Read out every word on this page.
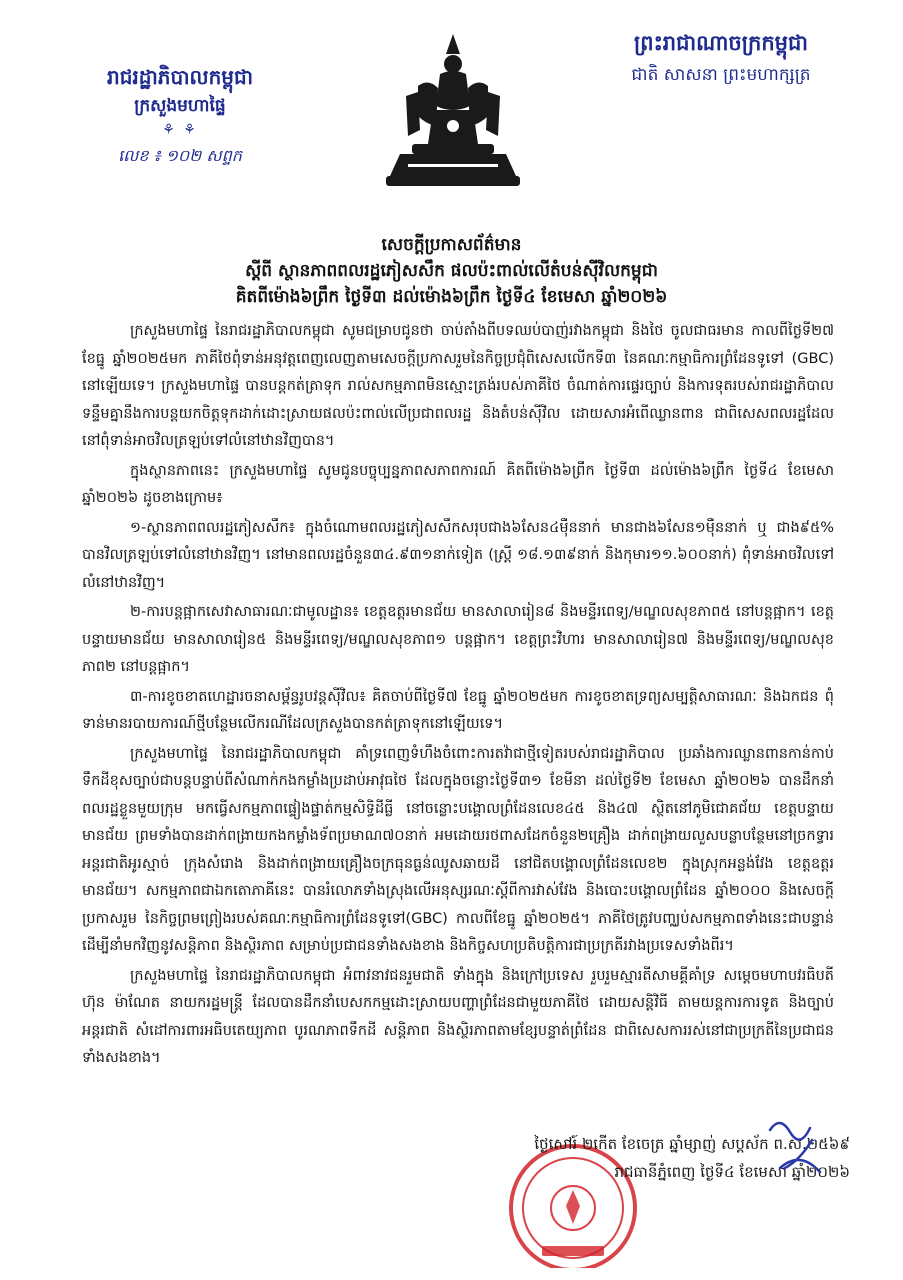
រាជរដ្ឋាភិបាលកម្ពុជា
ក្រសួងមហាផ្ទៃ
⚘ ⚘
លេខ ៖ ១០២ សព្ទក
ព្រះរាជាណាចក្រកម្ពុជា
ជាតិ សាសនា ព្រះមហាក្សត្រ
សេចក្តីប្រកាសព័ត៌មាន
ស្តីពី ស្ថានភាពពលរដ្ឋភៀសសឹក ផលប៉ះពាល់លើតំបន់ស៊ីវិលកម្ពុជា
គិតពីម៉ោង៦ព្រឹក ថ្ងៃទី៣ ដល់ម៉ោង៦ព្រឹក ថ្ងៃទី៤ ខែមេសា ឆ្នាំ២០២៦

ក្រសួងមហាផ្ទៃ នៃរាជរដ្ឋាភិបាលកម្ពុជា សូមជម្រាបជូនថា ចាប់តាំងពីបទឈប់បាញ់រវាងកម្ពុជា និងថៃ ចូលជាធរមាន កាលពីថ្ងៃទី២៧ ខែធ្នូ ឆ្នាំ២០២៥មក ភាគីថៃពុំទាន់អនុវត្តពេញលេញតាមសេចក្តីប្រកាសរួមនៃកិច្ចប្រជុំពិសេសលើកទី៣ នៃគណៈកម្មាធិការព្រំដែនទូទៅ (GBC) នៅឡើយទេ។ ក្រសួងមហាផ្ទៃ បានបន្តកត់ត្រាទុក រាល់សកម្មភាពមិនស្មោះត្រង់របស់ភាគីថៃ ចំណាត់ការផ្ទេរច្បាប់ និងការទុតរបស់រាជរដ្ឋាភិបាល ទន្ទឹមគ្នានឹងការបន្តយកចិត្តទុកដាក់ដោះស្រាយផលប៉ះពាល់លើប្រជាពលរដ្ឋ និងតំបន់ស៊ីវិល ដោយសារអំពើឈ្លានពាន ជាពិសេសពលរដ្ឋដែលនៅពុំទាន់អាចវិលត្រឡប់ទៅលំនៅឋានវិញបាន។

ក្នុងស្ថានភាពនេះ ក្រសួងមហាផ្ទៃ សូមជូនបច្ចុប្បន្នភាពសភាពការណ៍ គិតពីម៉ោង៦ព្រឹក ថ្ងៃទី៣ ដល់ម៉ោង៦ព្រឹក ថ្ងៃទី៤ ខែមេសា ឆ្នាំ២០២៦ ដូចខាងក្រោម៖

១-ស្ថានភាពពលរដ្ឋភៀសសឹក៖ ក្នុងចំណោមពលរដ្ឋភៀសសឹកសរុបជាង៦សែន៤ម៉ឺននាក់ មានជាង៦សែន១ម៉ឺននាក់ ឬ ជាង៩៥% បានវិលត្រឡប់ទៅលំនៅឋានវិញ។ នៅមានពលរដ្ឋចំនួន៣៤.៩៣១នាក់ទៀត (ស្ត្រី ១៨.១៣៩នាក់ និងកុមារ១១.៦០០នាក់) ពុំទាន់អាចវិលទៅលំនៅឋានវិញ។

២-ការបន្តផ្អាកសេវាសាធារណៈជាមូលដ្ឋាន៖ ខេត្តឧត្តរមានជ័យ មានសាលារៀន៨ និងមន្ទីរពេទ្យ/មណ្ឌលសុខភាព៥ នៅបន្តផ្អាក។ ខេត្តបន្ទាយមានជ័យ មានសាលារៀន៥ និងមន្ទីរពេទ្យ/មណ្ឌលសុខភាព១ បន្តផ្អាក។ ខេត្តព្រះវិហារ មានសាលារៀន៧ និងមន្ទីរពេទ្យ/មណ្ឌលសុខភាព២ នៅបន្តផ្អាក។

៣-ការខូចខាតហេដ្ឋារចនាសម្ព័ន្ធរូបវន្តស៊ីវិល៖ គិតចាប់ពីថ្ងៃទី៧ ខែធ្នូ ឆ្នាំ២០២៥មក ការខូចខាតទ្រព្យសម្បត្តិសាធារណៈ និងឯកជន ពុំទាន់មានរបាយការណ៍ថ្មីបន្ថែមលើករណីដែលក្រសួងបានកត់ត្រាទុកនៅឡើយទេ។

ក្រសួងមហាផ្ទៃ នៃរាជរដ្ឋាភិបាលកម្ពុជា គាំទ្រពេញទំហឹងចំពោះការតវ៉ាជាថ្មីទៀតរបស់រាជរដ្ឋាភិបាល ប្រឆាំងការឈ្លានពានកាន់កាប់ទឹកដីខុសច្បាប់ជាបន្តបន្ទាប់ពីសំណាក់កងកម្លាំងប្រដាប់អាវុធថៃ ដែលក្នុងចន្លោះថ្ងៃទី៣១ ខែមីនា ដល់ថ្ងៃទី២ ខែមេសា ឆ្នាំ២០២៦ បានដឹកនាំពលរដ្ឋខ្លួនមួយក្រុម មកធ្វើសកម្មភាពផ្ទៀងផ្ទាត់កម្មសិទ្ធិដីធ្លី នៅចន្លោះបង្គោលព្រំដែនលេខ៤៥ និង៤៧ ស្ថិតនៅភូមិជោគជ័យ ខេត្តបន្ទាយមានជ័យ ព្រមទាំងបានដាក់ពង្រាយកងកម្លាំងទ័ពប្រមាណ៧០នាក់ អមដោយរថពាសដែកចំនួន២គ្រឿង ដាក់ពង្រាយលួសបន្លាបន្ថែមនៅច្រកទ្វារអន្តរជាតិអូរស្មាច់ ក្រុងសំរោង និងដាក់ពង្រាយគ្រឿងចក្រធុនធ្ងន់ឈូសឆាយដី នៅជិតបង្គោលព្រំដែនលេខ២ ក្នុងស្រុកអន្លង់វែង ខេត្តឧត្តរមានជ័យ។ សកម្មភាពជាឯកតោភាគីនេះ បានរំលោភទាំងស្រុងលើអនុស្សរណៈស្តីពីការវាស់វែង និងបោះបង្គោលព្រំដែន ឆ្នាំ២០០០ និងសេចក្តីប្រកាសរួម នៃកិច្ចព្រមព្រៀងរបស់គណៈកម្មាធិការព្រំដែនទូទៅ(GBC) កាលពីខែធ្នូ ឆ្នាំ២០២៥។ ភាគីថៃត្រូវបញ្ឈប់សកម្មភាពទាំងនេះជាបន្ទាន់ ដើម្បីនាំមកវិញនូវសន្តិភាព និងស្ថិរភាព សម្រាប់ប្រជាជនទាំងសងខាង និងកិច្ចសហប្រតិបត្តិការជាប្រក្រតីរវាងប្រទេសទាំងពីរ។

ក្រសួងមហាផ្ទៃ នៃរាជរដ្ឋាភិបាលកម្ពុជា អំពាវនាវជនរួមជាតិ ទាំងក្នុង និងក្រៅប្រទេស រួបរួមស្មារតីសាមគ្គីគាំទ្រ សម្តេចមហាបវរធិបតី ហ៊ុន ម៉ាណែត នាយករដ្ឋមន្ត្រី ដែលបានដឹកនាំបេសកកម្មដោះស្រាយបញ្ហាព្រំដែនជាមួយភាគីថៃ ដោយសន្តិវិធី តាមយន្តការការទូត និងច្បាប់អន្តរជាតិ សំដៅការពារអធិបតេយ្យភាព បូរណភាពទឹកដី សន្តិភាព និងស្ថិរភាពតាមខ្សែបន្ទាត់ព្រំដែន ជាពិសេសការរស់នៅជាប្រក្រតីនៃប្រជាជនទាំងសងខាង។

ថ្ងៃសៅរ៍ ២កើត ខែចេត្រ ឆ្នាំម្សាញ់ សប្តស័ក ព.ស.២៥៦៩
រាជធានីភ្នំពេញ ថ្ងៃទី៤ ខែមេសា ឆ្នាំ២០២៦
